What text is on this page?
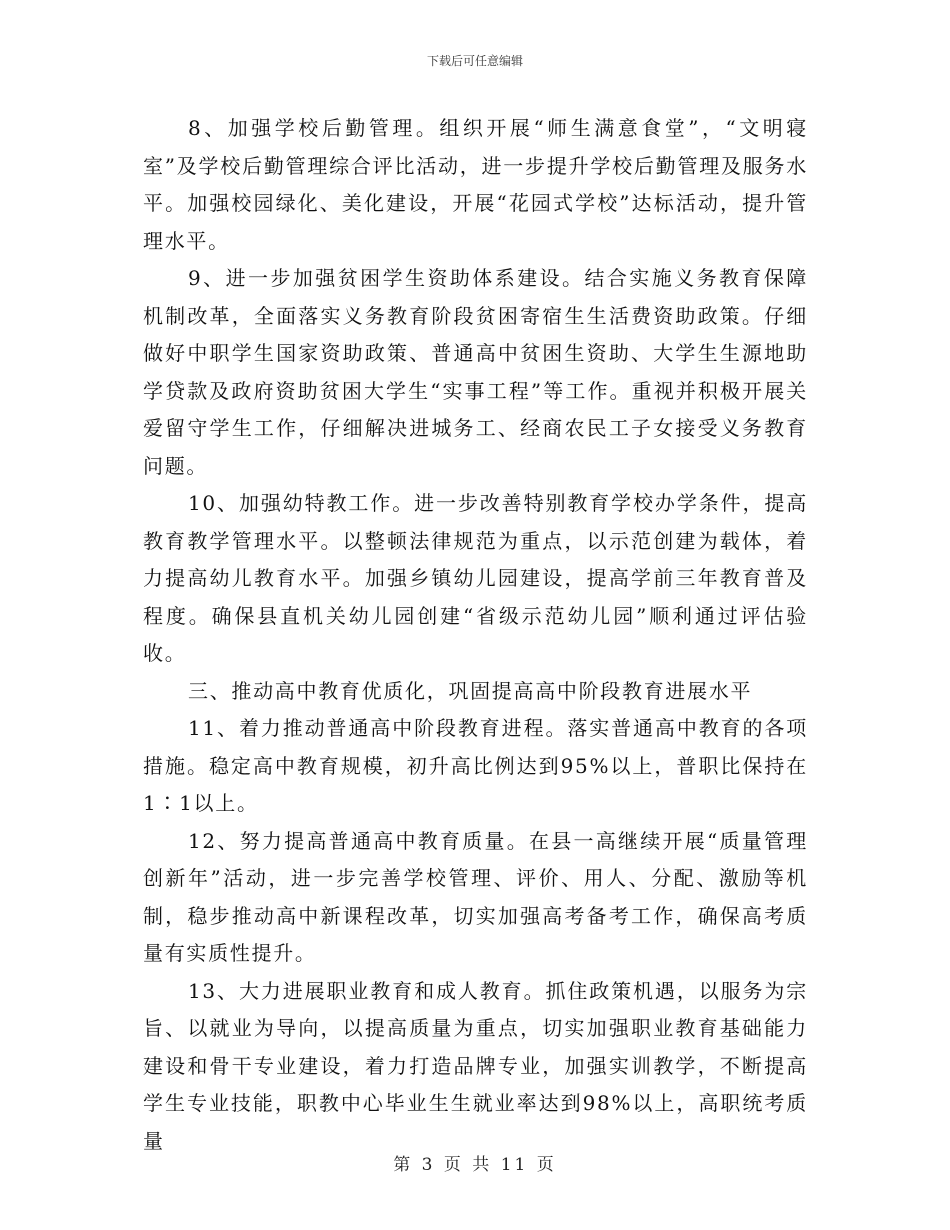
下载后可任意编辑

8、加强学校后勤管理。组织开展“师生满意食堂”，“文明寝室”及学校后勤管理综合评比活动，进一步提升学校后勤管理及服务水平。加强校园绿化、美化建设，开展“花园式学校”达标活动，提升管理水平。

9、进一步加强贫困学生资助体系建设。结合实施义务教育保障机制改革，全面落实义务教育阶段贫困寄宿生生活费资助政策。仔细做好中职学生国家资助政策、普通高中贫困生资助、大学生生源地助学贷款及政府资助贫困大学生“实事工程”等工作。重视并积极开展关爱留守学生工作，仔细解决进城务工、经商农民工子女接受义务教育问题。

10、加强幼特教工作。进一步改善特别教育学校办学条件，提高教育教学管理水平。以整顿法律规范为重点，以示范创建为载体，着力提高幼儿教育水平。加强乡镇幼儿园建设，提高学前三年教育普及程度。确保县直机关幼儿园创建“省级示范幼儿园”顺利通过评估验收。

三、推动高中教育优质化，巩固提高高中阶段教育进展水平

11、着力推动普通高中阶段教育进程。落实普通高中教育的各项措施。稳定高中教育规模，初升高比例达到95%以上，普职比保持在1∶1以上。

12、努力提高普通高中教育质量。在县一高继续开展“质量管理创新年”活动，进一步完善学校管理、评价、用人、分配、激励等机制，稳步推动高中新课程改革，切实加强高考备考工作，确保高考质量有实质性提升。

13、大力进展职业教育和成人教育。抓住政策机遇，以服务为宗旨、以就业为导向，以提高质量为重点，切实加强职业教育基础能力建设和骨干专业建设，着力打造品牌专业，加强实训教学，不断提高学生专业技能，职教中心毕业生生就业率达到98%以上，高职统考质量

第 3 页 共 11 页
